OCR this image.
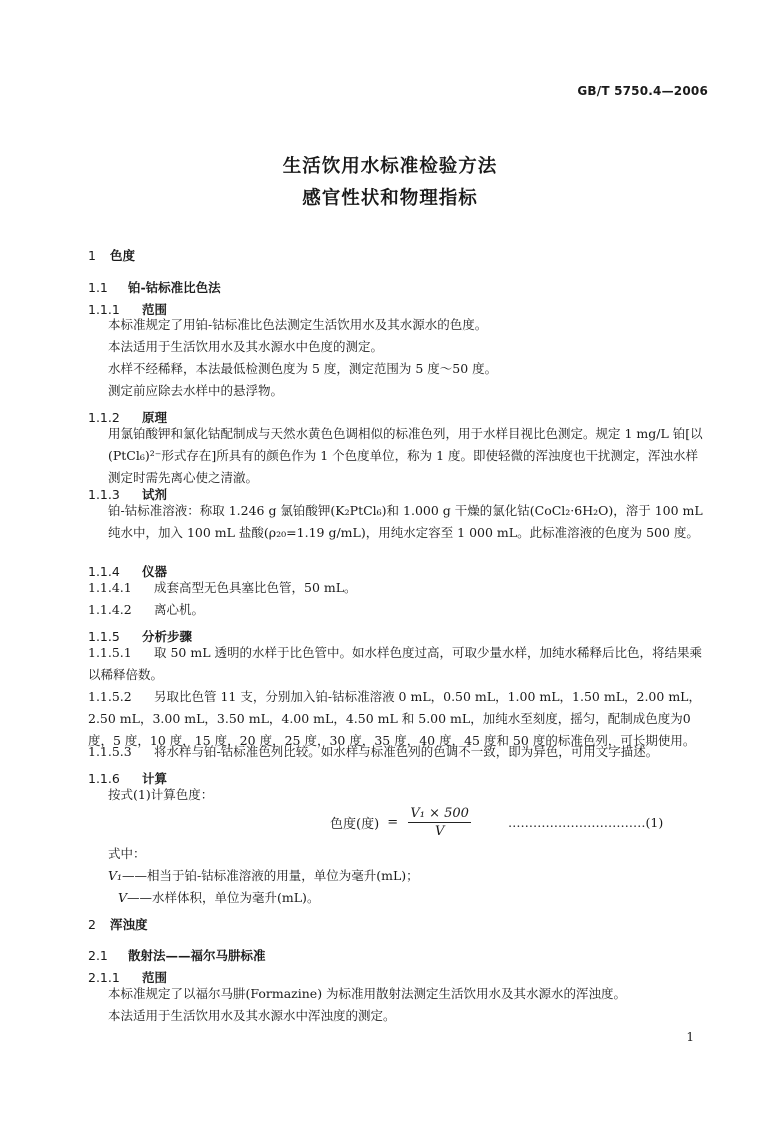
GB/T 5750.4—2006
生活饮用水标准检验方法
感官性状和物理指标
1 色度
1.1 铂-钴标准比色法
1.1.1 范围
本标准规定了用铂-钴标准比色法测定生活饮用水及其水源水的色度。
本法适用于生活饮用水及其水源水中色度的测定。
水样不经稀释，本法最低检测色度为 5 度，测定范围为 5 度～50 度。
测定前应除去水样中的悬浮物。
1.1.2 原理
用氯铂酸钾和氯化钴配制成与天然水黄色色调相似的标准色列，用于水样目视比色测定。规定 1 mg/L 铂[以(PtCl₆)²⁻形式存在]所具有的颜色作为 1 个色度单位，称为 1 度。即使轻微的浑浊度也干扰测定，浑浊水样测定时需先离心使之清澈。
1.1.3 试剂
铂-钴标准溶液：称取 1.246 g 氯铂酸钾(K₂PtCl₆)和 1.000 g 干燥的氯化钴(CoCl₂·6H₂O)，溶于 100 mL 纯水中，加入 100 mL 盐酸(ρ₂₀=1.19 g/mL)，用纯水定容至 1 000 mL。此标准溶液的色度为 500 度。
1.1.4 仪器
1.1.4.1 成套高型无色具塞比色管，50 mL。
1.1.4.2 离心机。
1.1.5 分析步骤
1.1.5.1 取 50 mL 透明的水样于比色管中。如水样色度过高，可取少量水样，加纯水稀释后比色，将结果乘以稀释倍数。
1.1.5.2 另取比色管 11 支，分别加入铂-钴标准溶液 0 mL，0.50 mL，1.00 mL，1.50 mL，2.00 mL，2.50 mL，3.00 mL，3.50 mL，4.00 mL，4.50 mL 和 5.00 mL，加纯水至刻度，摇匀，配制成色度为0 度，5 度，10 度，15 度，20 度，25 度，30 度，35 度，40 度，45 度和 50 度的标准色列，可长期使用。
1.1.5.3 将水样与铂-钴标准色列比较。如水样与标准色列的色调不一致，即为异色，可用文字描述。
1.1.6 计算
按式(1)计算色度：
色度(度) = $\frac{\text{V₁ × 500}}{V}$	……………………………(1)
式中：
V₁——相当于铂-钴标准溶液的用量，单位为毫升(mL)；
V——水样体积，单位为毫升(mL)。
2 浑浊度
2.1 散射法——福尔马肼标准
2.1.1 范围
本标准规定了以福尔马肼(Formazine) 为标准用散射法测定生活饮用水及其水源水的浑浊度。
本法适用于生活饮用水及其水源水中浑浊度的测定。
1
